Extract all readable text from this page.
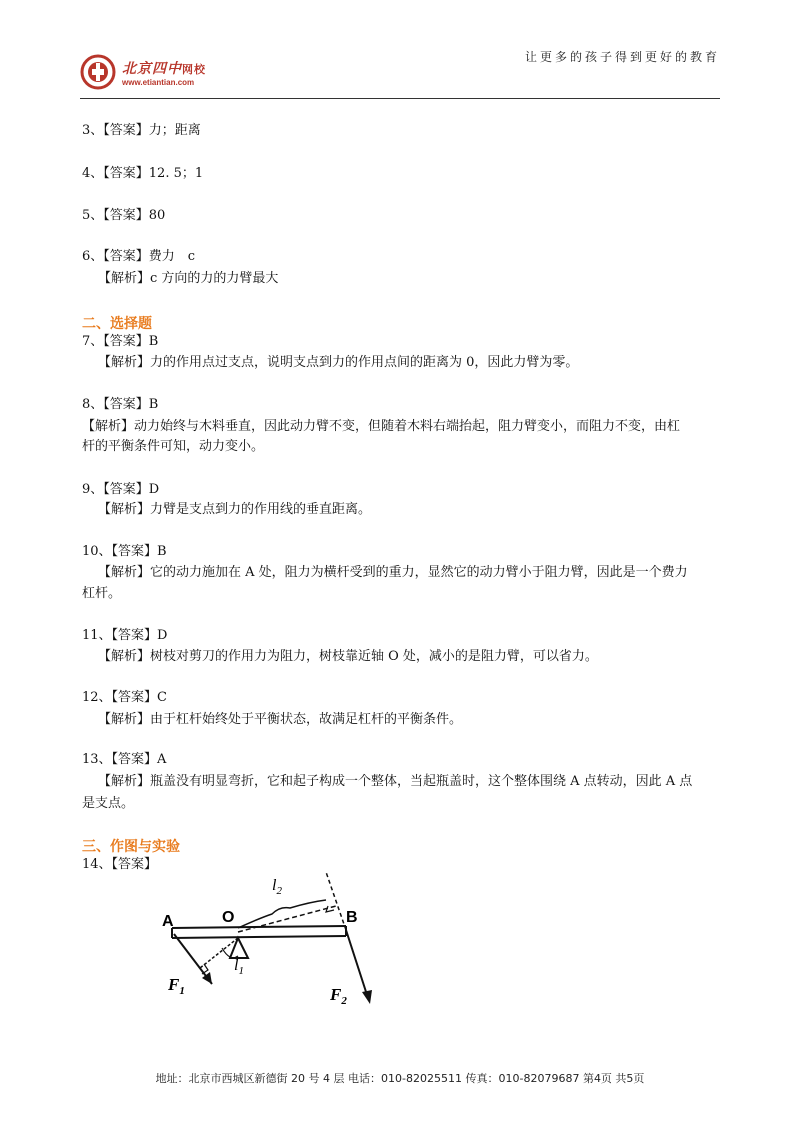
北京四中网校
www.etiantian.com
让更多的孩子得到更好的教育
3、【答案】力；距离
4、【答案】12. 5；1
5、【答案】80
6、【答案】费力　c
【解析】c 方向的力的力臂最大
二、选择题
7、【答案】B
【解析】力的作用点过支点，说明支点到力的作用点间的距离为 0，因此力臂为零。
8、【答案】B
【解析】动力始终与木料垂直，因此动力臂不变，但随着木料右端抬起，阻力臂变小，而阻力不变，由杠
杆的平衡条件可知，动力变小。
9、【答案】D
【解析】力臂是支点到力的作用线的垂直距离。
10、【答案】B
【解析】它的动力施加在 A 处，阻力为横杆受到的重力，显然它的动力臂小于阻力臂，因此是一个费力
杠杆。
11、【答案】D
【解析】树枝对剪刀的作用力为阻力，树枝靠近轴 O 处，减小的是阻力臂，可以省力。
12、【答案】C
【解析】由于杠杆始终处于平衡状态，故满足杠杆的平衡条件。
13、【答案】A
【解析】瓶盖没有明显弯折，它和起子构成一个整体，当起瓶盖时，这个整体围绕 A 点转动，因此 A 点
是支点。
三、作图与实验
14、【答案】
A	O	B
$l_2$
$l_1$
$F_1$	$F_2$
地址：北京市西城区新德街 20 号 4 层 电话：010-82025511 传真：010-82079687 第4页 共5页
